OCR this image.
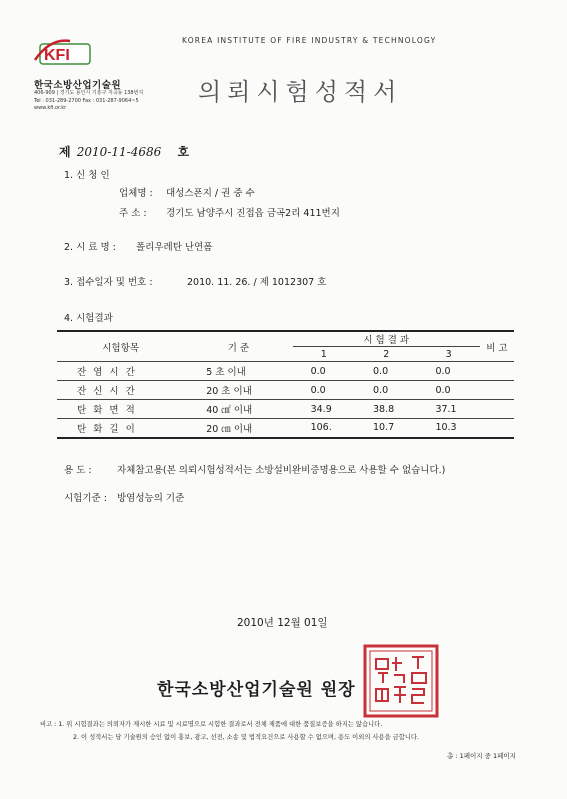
KFI
한국소방산업기술원
406-909 | 경기도 용인시 기흥구 지곡동 138번지
Tel : 031-289-2700 Fax : 031-287-9064~5
www.kfi.or.kr
KOREA INSTITUTE OF FIRE INDUSTRY & TECHNOLOGY
의뢰시험성적서
제 2010-11-4686 호
1. 신 청 인
업체명 : 대성스폰지 / 권 중 수
주 소 : 경기도 남양주시 진접읍 금곡2리 411번지
2. 시 료 명 : 폴리우레탄 난연폼
3. 접수일자 및 번호 :	2010. 11. 26. / 제 1012307 호
4. 시험결과
시험항목	기 준	시 험 결 과			비 고
		1	2	3	
잔 염 시 간	5 초 이내	0.0	0.0	0.0	
잔 신 시 간	20 초 이내	0.0	0.0	0.0	
탄 화 면 적	40 ㎠ 이내	34.9	38.8	37.1	
탄 화 길 이	20 ㎝ 이내	106.	10.7	10.3	
용 도 :	자체참고용(본 의뢰시험성적서는 소방설비완비증명용으로 사용할 수 없습니다.)
시험기준 : 방염성능의 기준
2010년 12월 01일
한국소방산업기술원 원장
비고 : 1. 위 시험결과는 의뢰자가 제시한 시료 및 시료명으로 시험한 결과로서 전체 제품에 대한 품질보증을 하지는 않습니다.
2. 이 성적서는 당 기술원의 승인 없이 홍보, 광고, 선전, 소송 및 법적요건으로 사용할 수 없으며, 용도 이외의 사용을 금합니다.
총 : 1페이지 중 1페이지
